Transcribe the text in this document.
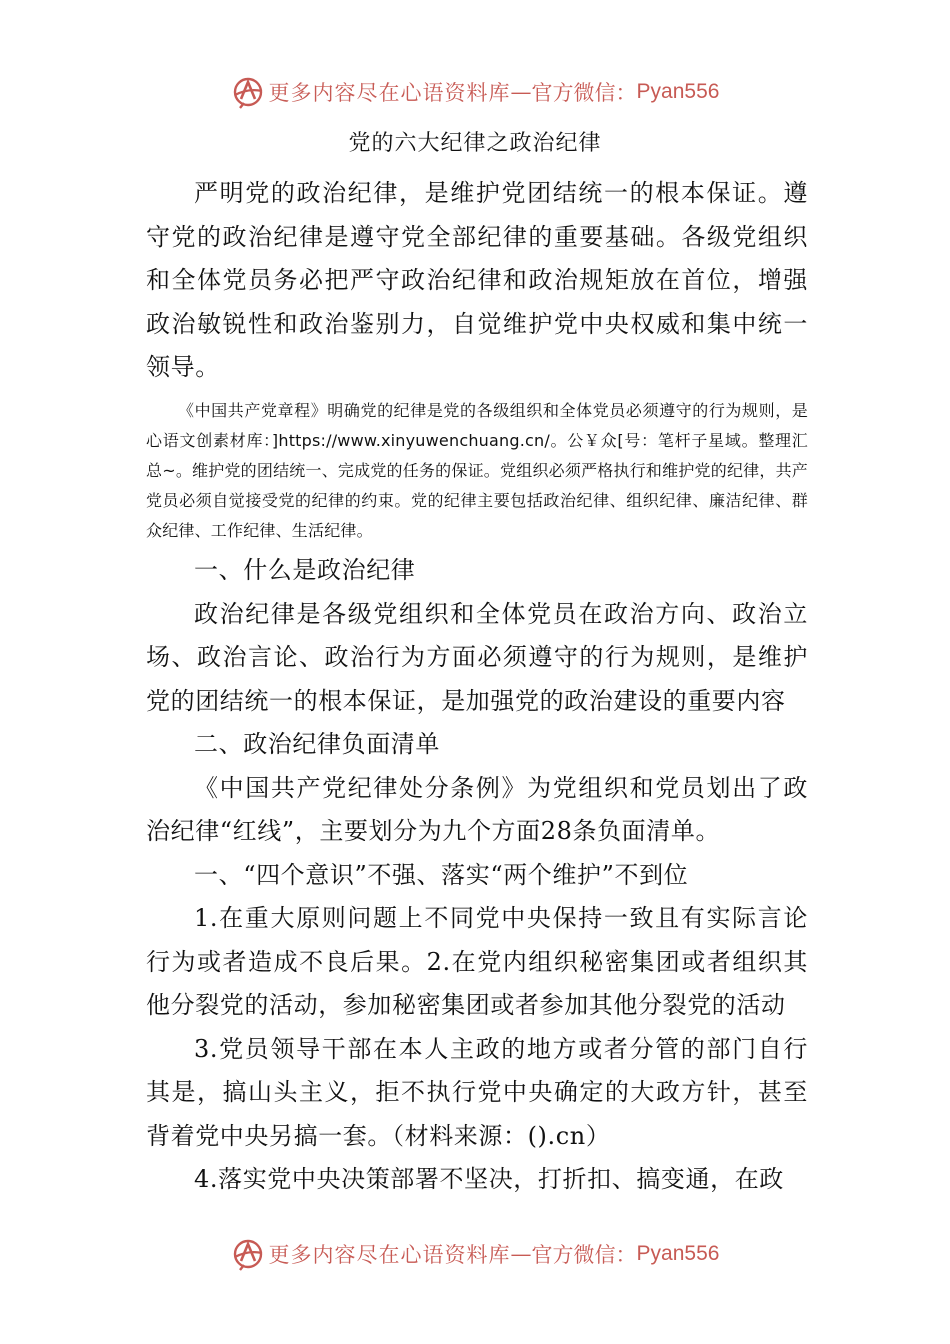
更多内容尽在心语资料库 — 官方微信： Pyan556
党的六大纪律之政治纪律

严明党的政治纪律，是维护党团结统一的根本保证。遵守党的政治纪律是遵守党全部纪律的重要基础。各级党组织和全体党员务必把严守政治纪律和政治规矩放在首位，增强政治敏锐性和政治鉴别力，自觉维护党中央权威和集中统一领导。

《中国共产党章程》明确党的纪律是党的各级组织和全体党员必须遵守的行为规则，是心语文创素材库：]https://www.xinyuwenchuang.cn/。公￥众[号：笔杆子星域。整理汇总~。维护党的团结统一、完成党的任务的保证。党组织必须严格执行和维护党的纪律，共产党员必须自觉接受党的纪律的约束。党的纪律主要包括政治纪律、组织纪律、廉洁纪律、群众纪律、工作纪律、生活纪律。

一、什么是政治纪律

政治纪律是各级党组织和全体党员在政治方向、政治立场、政治言论、政治行为方面必须遵守的行为规则，是维护党的团结统一的根本保证，是加强党的政治建设的重要内容

二、政治纪律负面清单

《中国共产党纪律处分条例》为党组织和党员划出了政治纪律“红线”，主要划分为九个方面28条负面清单。

一、“四个意识”不强、落实“两个维护”不到位

1.在重大原则问题上不同党中央保持一致且有实际言论行为或者造成不良后果。2.在党内组织秘密集团或者组织其他分裂党的活动，参加秘密集团或者参加其他分裂党的活动

3.党员领导干部在本人主政的地方或者分管的部门自行其是，搞山头主义，拒不执行党中央确定的大政方针，甚至背着党中央另搞一套。（材料来源：().cn）

4.落实党中央决策部署不坚决，打折扣、搞变通，在政

更多内容尽在心语资料库 — 官方微信： Pyan556
